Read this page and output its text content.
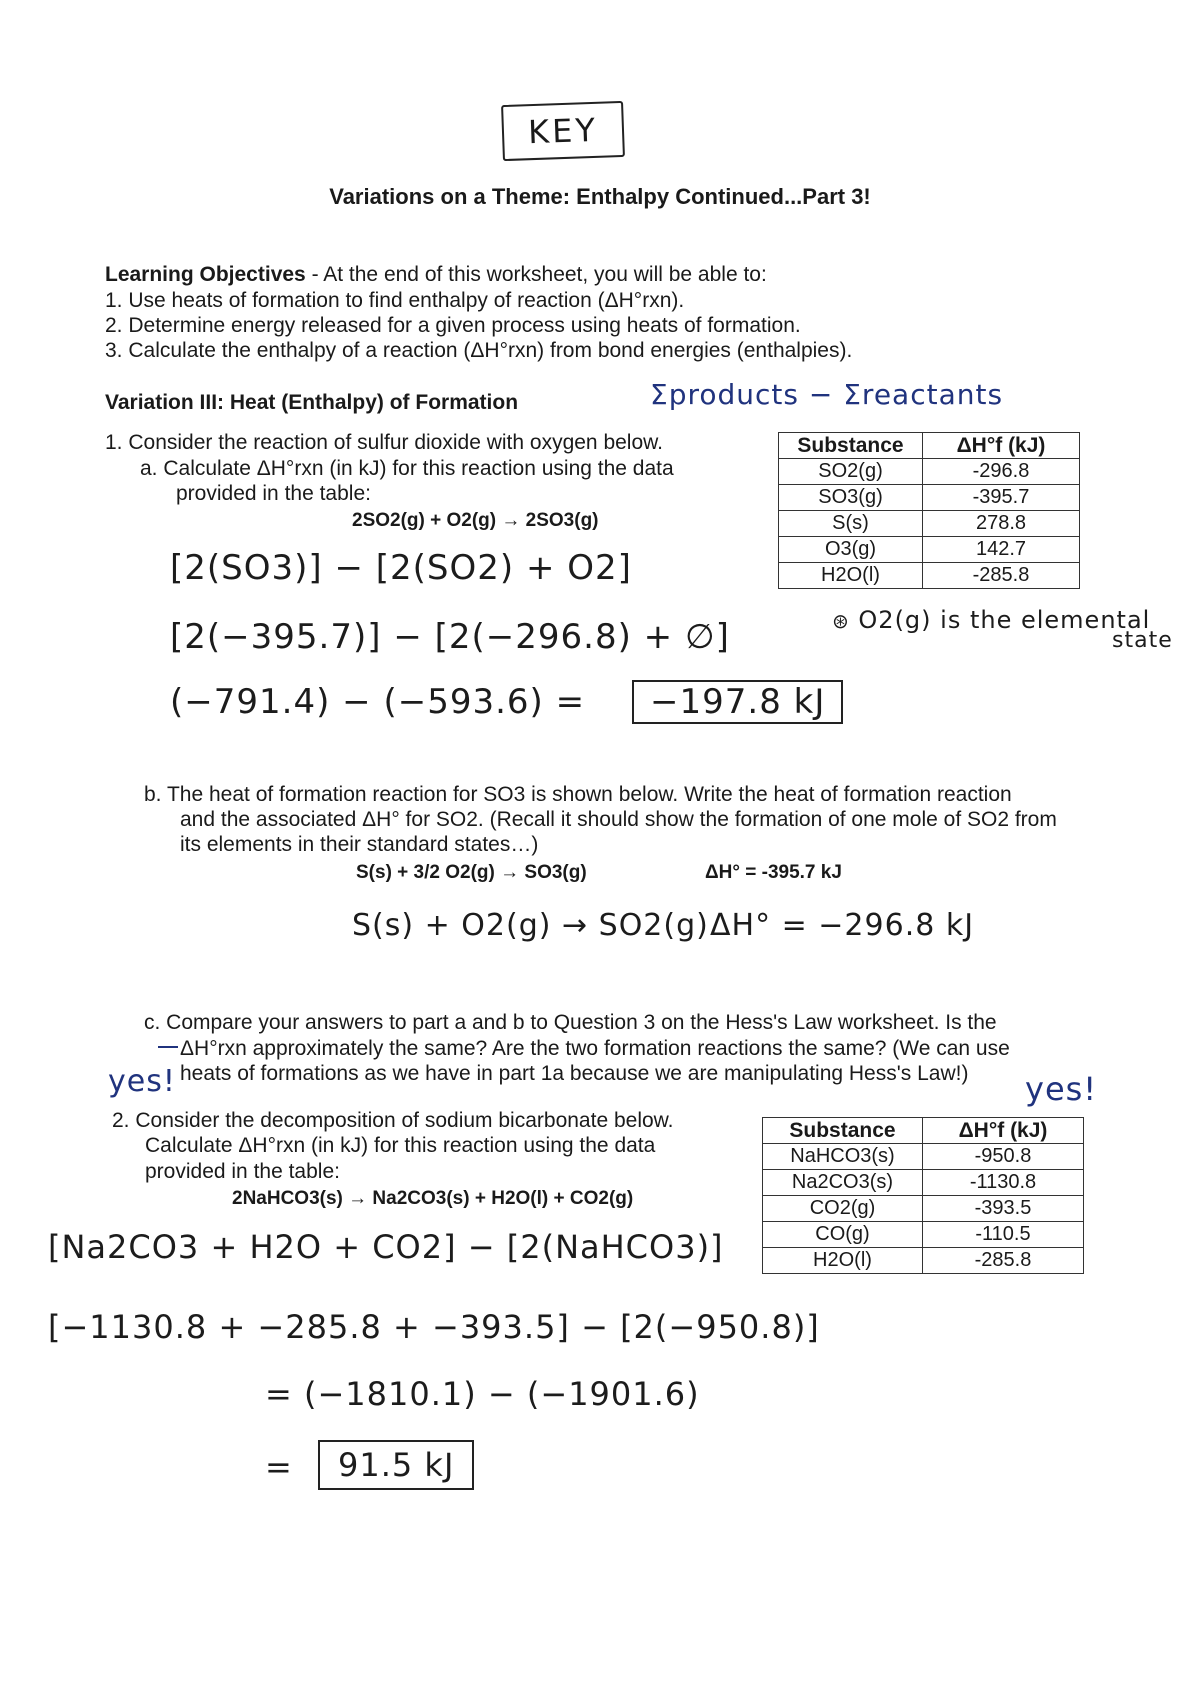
KEY
Variations on a Theme: Enthalpy Continued...Part 3!
Learning Objectives - At the end of this worksheet, you will be able to:
1. Use heats of formation to find enthalpy of reaction (ΔH°rxn).
2. Determine energy released for a given process using heats of formation.
3. Calculate the enthalpy of a reaction (ΔH°rxn) from bond energies (enthalpies).
Variation III: Heat (Enthalpy) of Formation	Σproducts − Σreactants
1. Consider the reaction of sulfur dioxide with oxygen below.
a. Calculate ΔH°rxn (in kJ) for this reaction using the data
provided in the table:
2SO2(g) + O2(g) → 2SO3(g)
Substance	ΔH°f (kJ)
SO2(g)	-296.8
SO3(g)	-395.7
S(s)	278.8
O3(g)	142.7
H2O(l)	-285.8
[2(SO3)] − [2(SO2) + O2]
[2(−395.7)] − [2(−296.8) + ∅]
(−791.4) − (−593.6) =	−197.8 kJ
⊛ O2(g) is the elemental
state
b. The heat of formation reaction for SO3 is shown below. Write the heat of formation reaction
and the associated ΔH° for SO2. (Recall it should show the formation of one mole of SO2 from
its elements in their standard states…)
S(s) + 3/2 O2(g) → SO3(g)	ΔH° = -395.7 kJ
S(s) + O2(g) → SO2(g) ΔH° = −296.8 kJ
c. Compare your answers to part a and b to Question 3 on the Hess's Law worksheet. Is the
ΔH°rxn approximately the same? Are the two formation reactions the same? (We can use
heats of formations as we have in part 1a because we are manipulating Hess's Law!)
yes!	yes!
2. Consider the decomposition of sodium bicarbonate below.
Calculate ΔH°rxn (in kJ) for this reaction using the data
provided in the table:
2NaHCO3(s) → Na2CO3(s) + H2O(l) + CO2(g)
Substance	ΔH°f (kJ)
NaHCO3(s)	-950.8
Na2CO3(s)	-1130.8
CO2(g)	-393.5
CO(g)	-110.5
H2O(l)	-285.8
[Na2CO3 + H2O + CO2] − [2(NaHCO3)]
[−1130.8 + −285.8 + −393.5] − [2(−950.8)]
= (−1810.1) − (−1901.6)
=	91.5 kJ
